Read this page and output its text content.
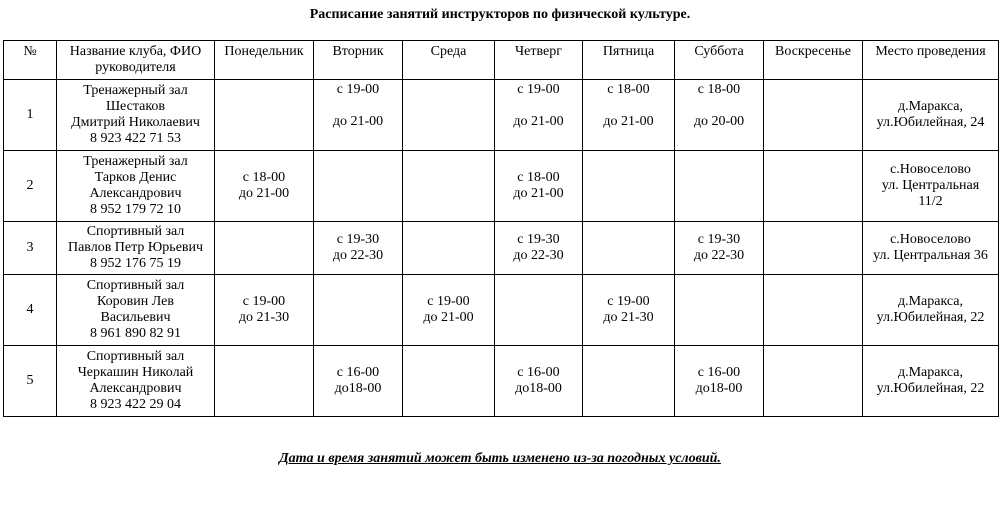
Расписание занятий инструкторов по физической культуре.
№	Название клуба, ФИО руководителя	Понедельник	Вторник	Среда	Четверг	Пятница	Суббота	Воскресенье	Место проведения
1	Тренажерный зал
Шестаков
Дмитрий Николаевич
8 923 422 71 53		с 19-00
до 21-00		с 19-00
до 21-00	с 18-00
до 21-00	с 18-00
до 20-00		д.Маракса,
ул.Юбилейная, 24

2	Тренажерный зал
Тарков Денис
Александрович
8 952 179 72 10	с 18-00
до 21-00			с 18-00
до 21-00				с.Новоселово
ул. Центральная
11/2

3	Спортивный зал
Павлов Петр Юрьевич
8 952 176 75 19		с 19-30
до 22-30		с 19-30
до 22-30		с 19-30
до 22-30		с.Новоселово
ул. Центральная 36

4	Спортивный зал
Коровин Лев
Васильевич
8 961 890 82 91	с 19-00
до 21-30		с 19-00
до 21-00		с 19-00
до 21-30			д.Маракса,
ул.Юбилейная, 22

5	Спортивный зал
Черкашин Николай
Александрович
8 923 422 29 04		с 16-00
до18-00		с 16-00
до18-00		с 16-00
до18-00		д.Маракса,
ул.Юбилейная, 22
Дата и время занятий может быть изменено из-за погодных условий.
